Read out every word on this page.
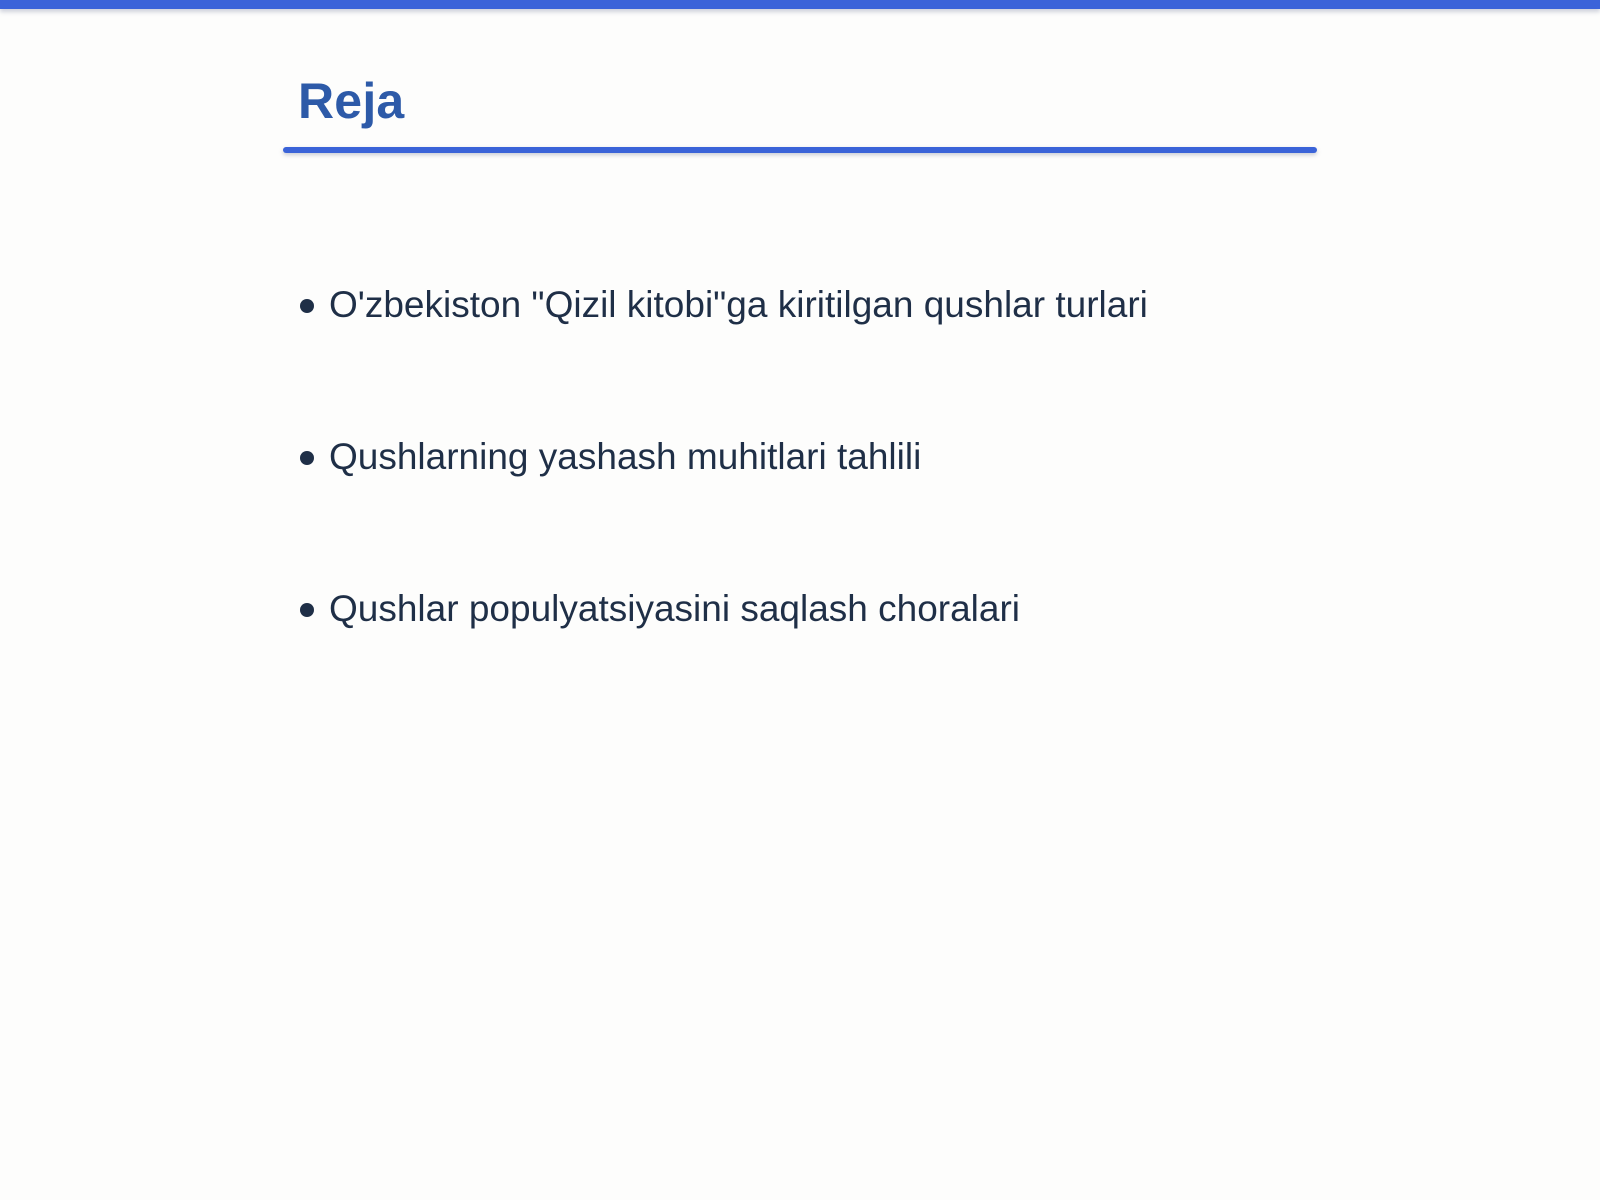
Reja
O'zbekiston "Qizil kitobi"ga kiritilgan qushlar turlari
Qushlarning yashash muhitlari tahlili
Qushlar populyatsiyasini saqlash choralari
